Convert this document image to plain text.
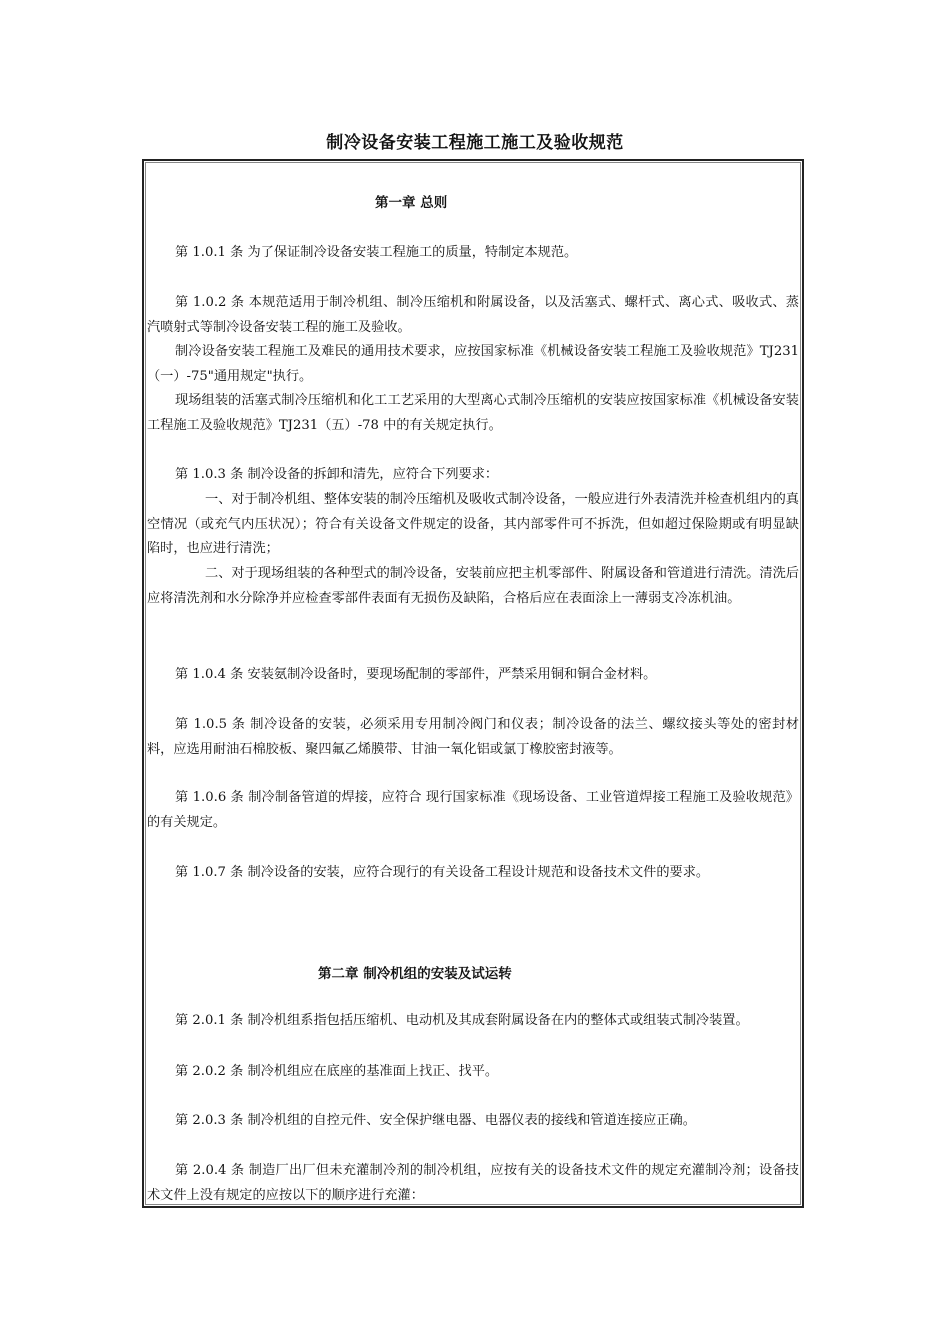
制冷设备安装工程施工施工及验收规范
第一章 总则
第 1.0.1 条 为了保证制冷设备安装工程施工的质量，特制定本规范。
第 1.0.2 条 本规范适用于制冷机组、制冷压缩机和附属设备，以及活塞式、螺杆式、离心式、吸收式、蒸汽喷射式等制冷设备安装工程的施工及验收。
制冷设备安装工程施工及难民的通用技术要求，应按国家标准《机械设备安装工程施工及验收规范》TJ231（一）-75"通用规定"执行。
现场组装的活塞式制冷压缩机和化工工艺采用的大型离心式制冷压缩机的安装应按国家标准《机械设备安装工程施工及验收规范》TJ231（五）-78 中的有关规定执行。
第 1.0.3 条 制冷设备的拆卸和清先，应符合下列要求：
一、对于制冷机组、整体安装的制冷压缩机及吸收式制冷设备，一般应进行外表清洗并检查机组内的真空情况（或充气内压状况）；符合有关设备文件规定的设备，其内部零件可不拆洗，但如超过保险期或有明显缺陷时，也应进行清洗；
二、对于现场组装的各种型式的制冷设备，安装前应把主机零部件、附属设备和管道进行清洗。清洗后应将清洗剂和水分除净并应检查零部件表面有无损伤及缺陷，合格后应在表面涂上一薄弱支冷冻机油。
第 1.0.4 条 安装氨制冷设备时，要现场配制的零部件，严禁采用铜和铜合金材料。
第 1.0.5 条 制冷设备的安装，必须采用专用制冷阀门和仪表；制冷设备的法兰、螺纹接头等处的密封材料，应选用耐油石棉胶板、聚四氟乙烯膜带、甘油一氧化铝或氯丁橡胶密封液等。
第 1.0.6 条 制冷制备管道的焊接，应符合 现行国家标准《现场设备、工业管道焊接工程施工及验收规范》的有关规定。
第 1.0.7 条 制冷设备的安装，应符合现行的有关设备工程设计规范和设备技术文件的要求。
第二章 制冷机组的安装及试运转
第 2.0.1 条 制冷机组系指包括压缩机、电动机及其成套附属设备在内的整体式或组装式制冷装置。
第 2.0.2 条 制冷机组应在底座的基准面上找正、找平。
第 2.0.3 条 制冷机组的自控元件、安全保护继电器、电器仪表的接线和管道连接应正确。
第 2.0.4 条 制造厂出厂但未充灌制冷剂的制冷机组，应按有关的设备技术文件的规定充灌制冷剂；设备技术文件上没有规定的应按以下的顺序进行充灌：
